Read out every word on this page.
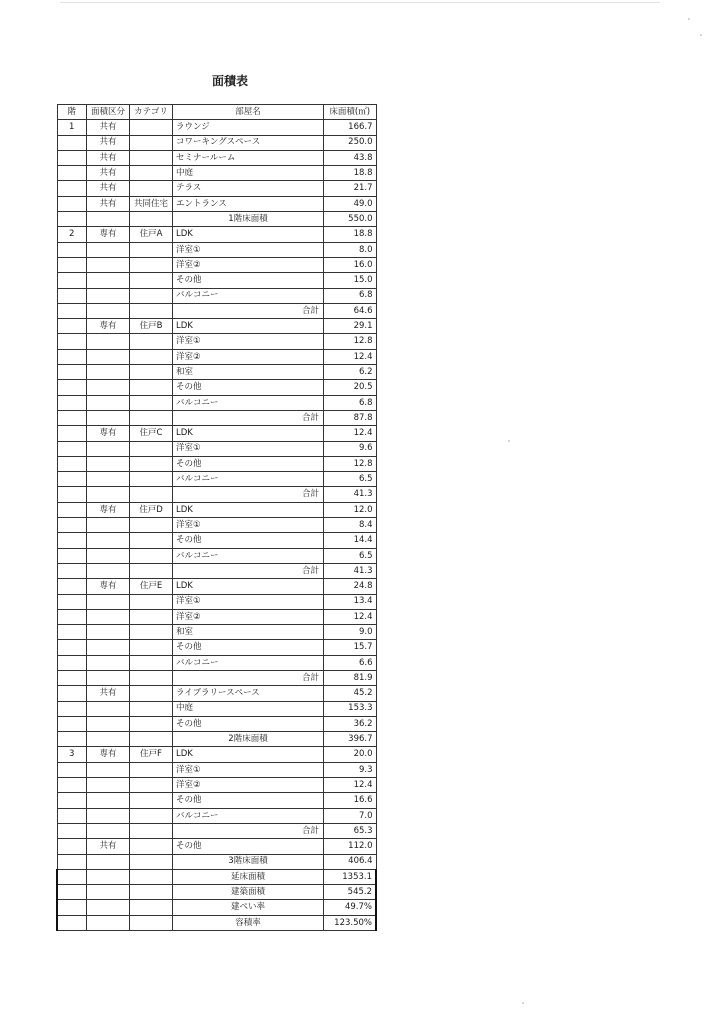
面積表
階	面積区分	カテゴリ	部屋名	床面積(㎡)
1	共有		ラウンジ	166.7
	共有		コワーキングスペース	250.0
	共有		セミナールーム	43.8
	共有		中庭	18.8
	共有		テラス	21.7
	共有	共同住宅	エントランス	49.0
			1階床面積	550.0
2	専有	住戸A	LDK	18.8
			洋室①	8.0
			洋室②	16.0
			その他	15.0
			バルコニー	6.8
			合計	64.6
	専有	住戸B	LDK	29.1
			洋室①	12.8
			洋室②	12.4
			和室	6.2
			その他	20.5
			バルコニー	6.8
			合計	87.8
	専有	住戸C	LDK	12.4
			洋室①	9.6
			その他	12.8
			バルコニー	6.5
			合計	41.3
	専有	住戸D	LDK	12.0
			洋室①	8.4
			その他	14.4
			バルコニー	6.5
			合計	41.3
	専有	住戸E	LDK	24.8
			洋室①	13.4
			洋室②	12.4
			和室	9.0
			その他	15.7
			バルコニー	6.6
			合計	81.9
	共有		ライブラリースペース	45.2
			中庭	153.3
			その他	36.2
			2階床面積	396.7
3	専有	住戸F	LDK	20.0
			洋室①	9.3
			洋室②	12.4
			その他	16.6
			バルコニー	7.0
			合計	65.3
	共有		その他	112.0
			3階床面積	406.4
			延床面積	1353.1
			建築面積	545.2
			建ぺい率	49.7%
			容積率	123.50%
